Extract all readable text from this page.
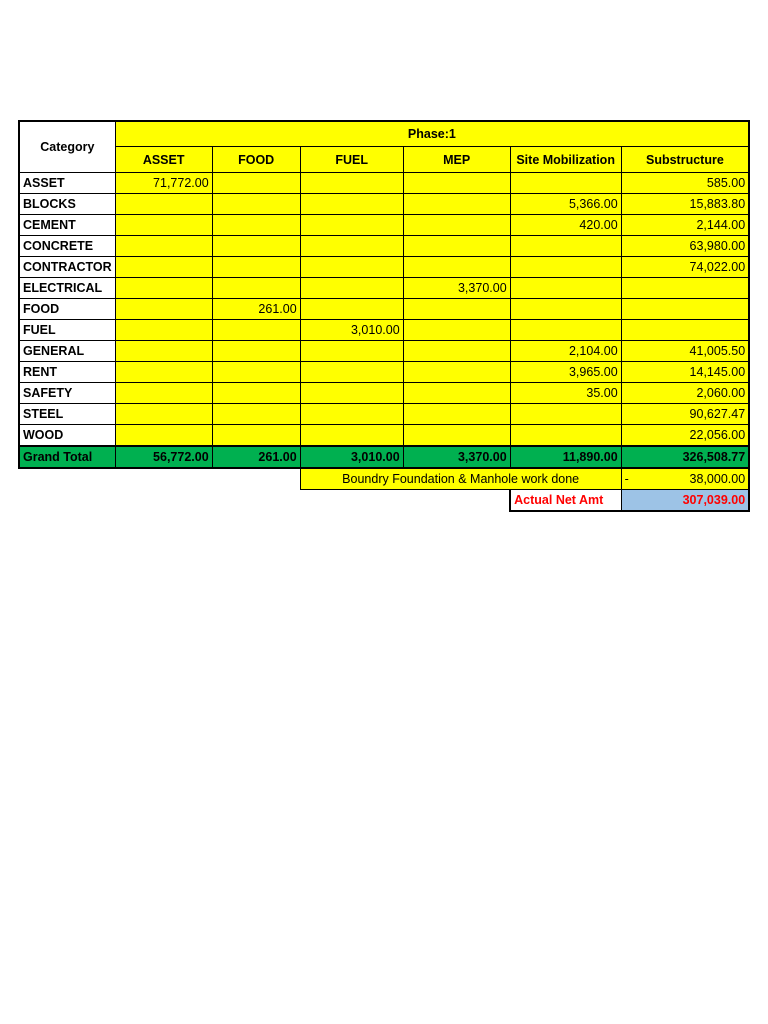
Category	Phase:1					
	ASSET	FOOD	FUEL	MEP	Site Mobilization	Substructure
ASSET	71,772.00					585.00
BLOCKS					5,366.00	15,883.80
CEMENT					420.00	2,144.00
CONCRETE						63,980.00
CONTRACTOR						74,022.00
ELECTRICAL				3,370.00		
FOOD		261.00				
FUEL			3,010.00			
GENERAL					2,104.00	41,005.50
RENT					3,965.00	14,145.00
SAFETY					35.00	2,060.00
STEEL						90,627.47
WOOD						22,056.00
Grand Total	56,772.00	261.00	3,010.00	3,370.00	11,890.00	326,508.77
			Boundry Foundation & Manhole work done			- 38,000.00
					Actual Net Amt	307,039.00
